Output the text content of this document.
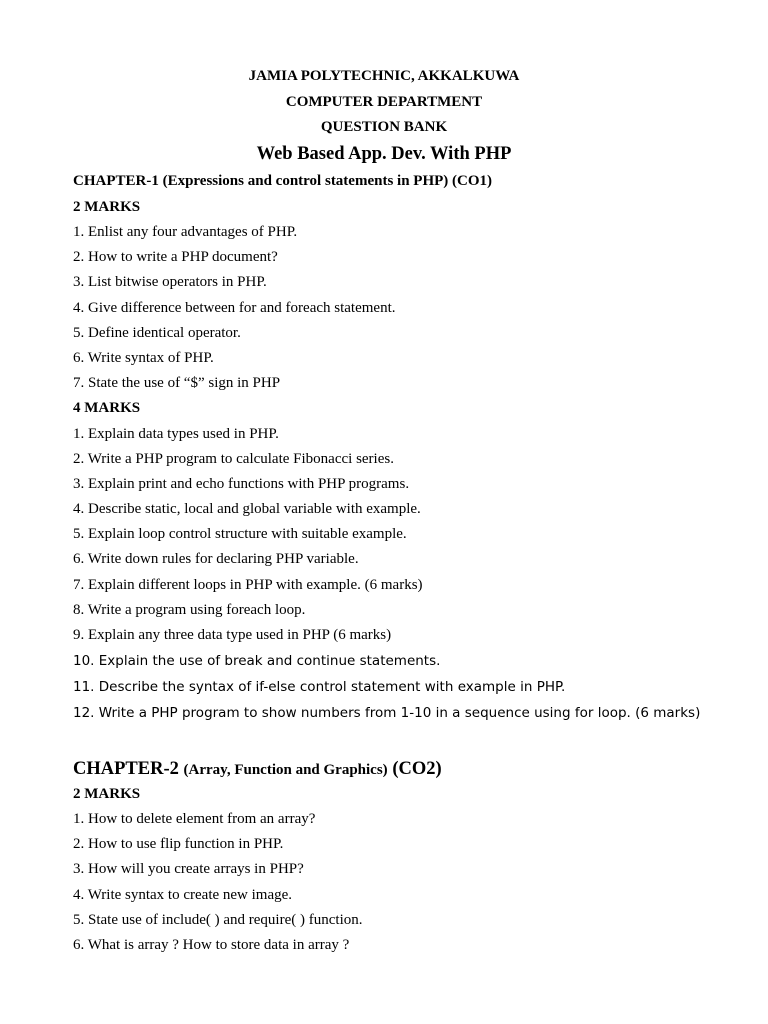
JAMIA POLYTECHNIC, AKKALKUWA
COMPUTER DEPARTMENT
QUESTION BANK
Web Based App. Dev. With PHP
CHAPTER-1 (Expressions and control statements in PHP) (CO1)
2 MARKS
1. Enlist any four advantages of PHP.
2. How to write a PHP document?
3. List bitwise operators in PHP.
4. Give difference between for and foreach statement.
5. Define identical operator.
6. Write syntax of PHP.
7. State the use of “$” sign in PHP
4 MARKS
1. Explain data types used in PHP.
2. Write a PHP program to calculate Fibonacci series.
3. Explain print and echo functions with PHP programs.
4. Describe static, local and global variable with example.
5. Explain loop control structure with suitable example.
6. Write down rules for declaring PHP variable.
7. Explain different loops in PHP with example. (6 marks)
8. Write a program using foreach loop.
9. Explain any three data type used in PHP (6 marks)
10. Explain the use of break and continue statements.
11. Describe the syntax of if-else control statement with example in PHP.
12. Write a PHP program to show numbers from 1-10 in a sequence using for loop. (6 marks)
CHAPTER-2 (Array, Function and Graphics) (CO2)
2 MARKS
1. How to delete element from an array?
2. How to use flip function in PHP.
3. How will you create arrays in PHP?
4. Write syntax to create new image.
5. State use of include( ) and require( ) function.
6. What is array ? How to store data in array ?
